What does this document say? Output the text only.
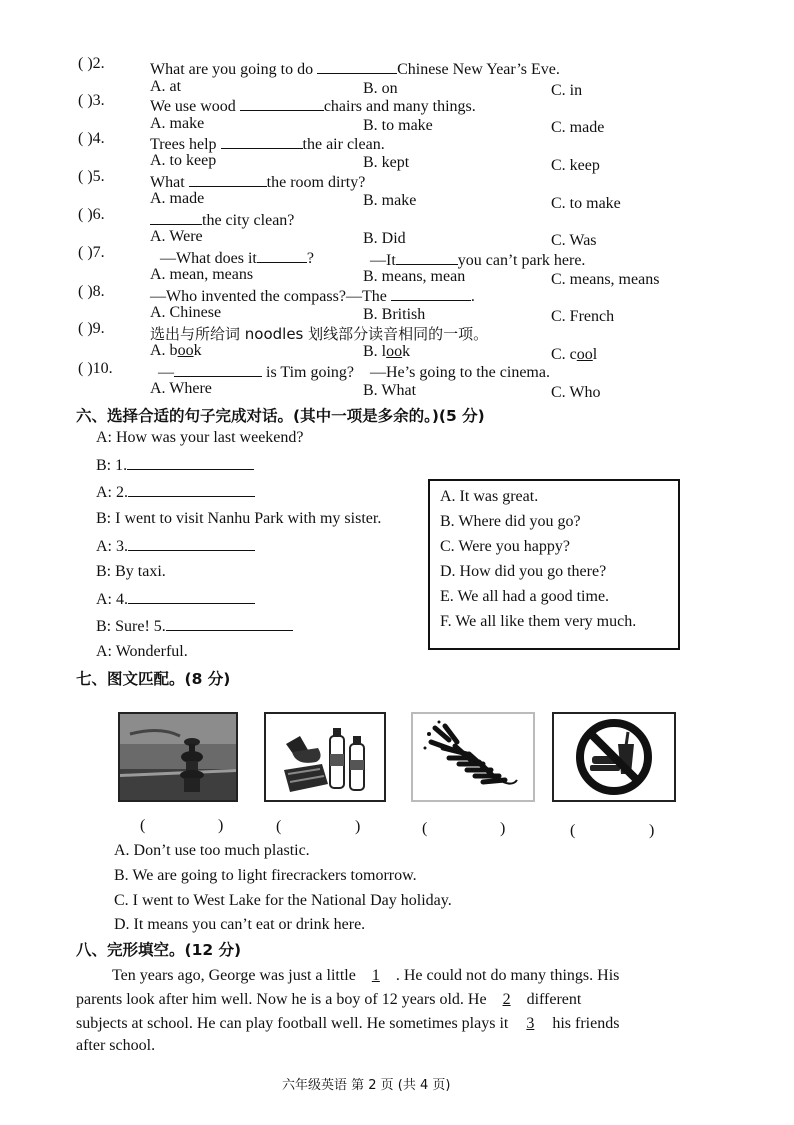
( )2.	What are you going to do	Chinese New Year’s Eve.
A. at	B. on	C. in
( )3.	We use wood	chairs and many things.
A. make	B. to make	C. made
( )4.	Trees help	the air clean.
A. to keep	B. kept	C. keep
( )5.	What	the room dirty?
A. made	B. make	C. to make
( )6.	the city clean?
A. Were	B. Did	C. Was
( )7.	—What does it	?	—It	you can’t park here.
A. mean, means	B. means, mean	C. means, means
( )8.	—Who invented the compass?—The	.
A. Chinese	B. British	C. French
( )9.	选出与所给词 noodles 划线部分读音相同的一项。
A. book	B. look	C. cool
( )10.	—	is Tim going? —He’s going to the cinema.
A. Where	B. What	C. Who
六、选择合适的句子完成对话。(其中一项是多余的。)(5 分)
A: How was your last weekend?
B: 1.
A: 2.
B: I went to visit Nanhu Park with my sister.
A: 3.
B: By taxi.
A: 4.
B: Sure! 5.
A: Wonderful.
A. It was great.
B. Where did you go?
C. Were you happy?
D. How did you go there?
E. We all had a good time.
F. We all like them very much.
七、图文匹配。(8 分)
(	)	(	)	(	)	(	)
A. Don’t use too much plastic.
B. We are going to light firecrackers tomorrow.
C. I went to West Lake for the National Day holiday.
D. It means you can’t eat or drink here.
八、完形填空。(12 分)
Ten years ago, George was just a little 1 . He could not do many things. His
parents look after him well. Now he is a boy of 12 years old. He 2 different
subjects at school. He can play football well. He sometimes plays it 3 his friends
after school.
六年级英语 第 2 页 (共 4 页)
